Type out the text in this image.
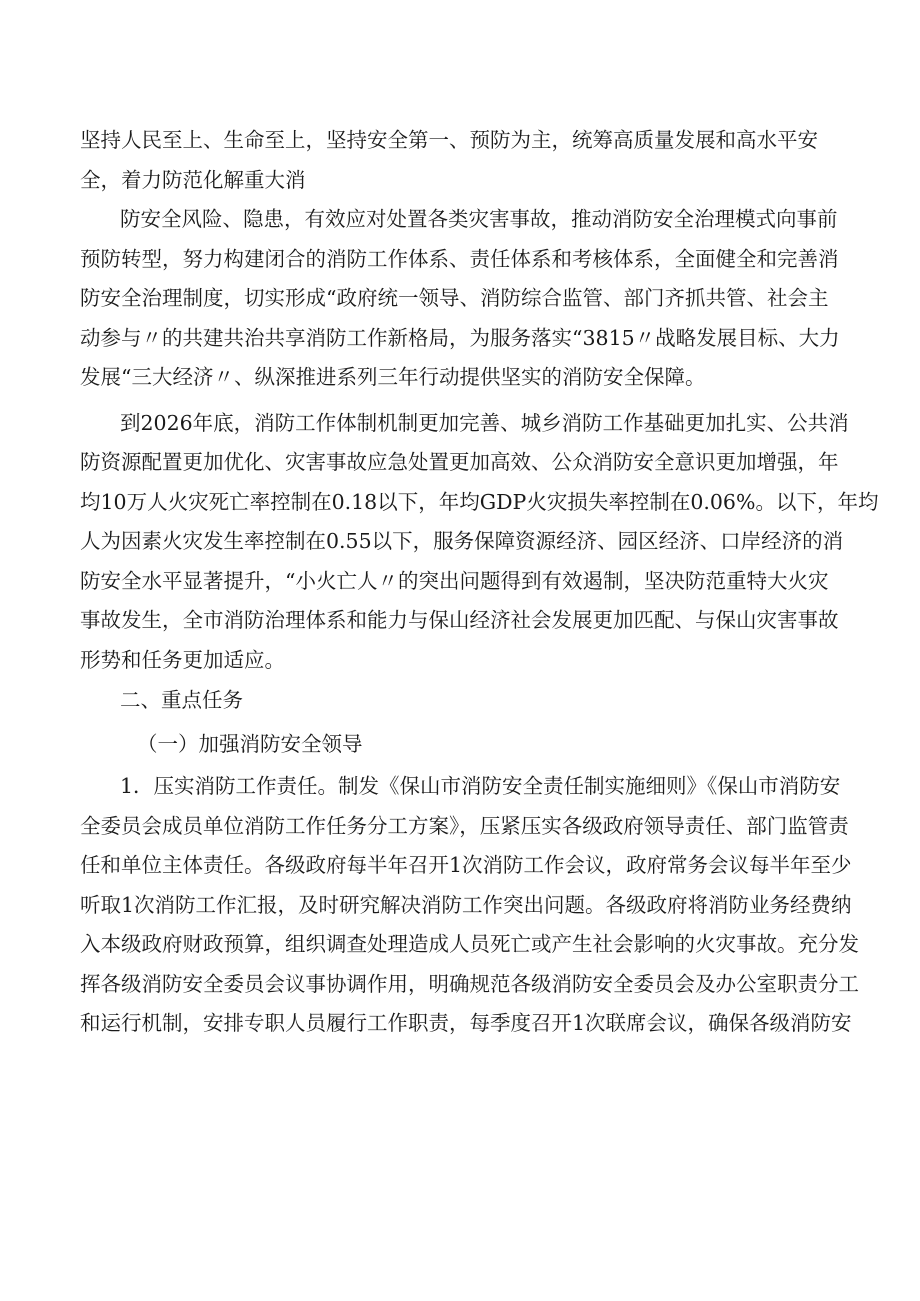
坚持人民至上、生命至上，坚持安全第一、预防为主，统筹高质量发展和高水平安
全，着力防范化解重大消
防安全风险、隐患，有效应对处置各类灾害事故，推动消防安全治理模式向事前
预防转型，努力构建闭合的消防工作体系、责任体系和考核体系，全面健全和完善消
防安全治理制度，切实形成“政府统一领导、消防综合监管、部门齐抓共管、社会主
动参与〃的共建共治共享消防工作新格局，为服务落实“3815〃战略发展目标、大力
发展“三大经济〃、纵深推进系列三年行动提供坚实的消防安全保障。
到2026年底，消防工作体制机制更加完善、城乡消防工作基础更加扎实、公共消
防资源配置更加优化、灾害事故应急处置更加高效、公众消防安全意识更加增强，年
均10万人火灾死亡率控制在0.18以下，年均GDP火灾损失率控制在0.06%。以下，年均
人为因素火灾发生率控制在0.55以下，服务保障资源经济、园区经济、口岸经济的消
防安全水平显著提升，“小火亡人〃的突出问题得到有效遏制，坚决防范重特大火灾
事故发生，全市消防治理体系和能力与保山经济社会发展更加匹配、与保山灾害事故
形势和任务更加适应。
二、重点任务
（一）加强消防安全领导
1．压实消防工作责任。制发《保山市消防安全责任制实施细则》《保山市消防安
全委员会成员单位消防工作任务分工方案》，压紧压实各级政府领导责任、部门监管责
任和单位主体责任。各级政府每半年召开1次消防工作会议，政府常务会议每半年至少
听取1次消防工作汇报，及时研究解决消防工作突出问题。各级政府将消防业务经费纳
入本级政府财政预算，组织调查处理造成人员死亡或产生社会影响的火灾事故。充分发
挥各级消防安全委员会议事协调作用，明确规范各级消防安全委员会及办公室职责分工
和运行机制，安排专职人员履行工作职责，每季度召开1次联席会议，确保各级消防安
